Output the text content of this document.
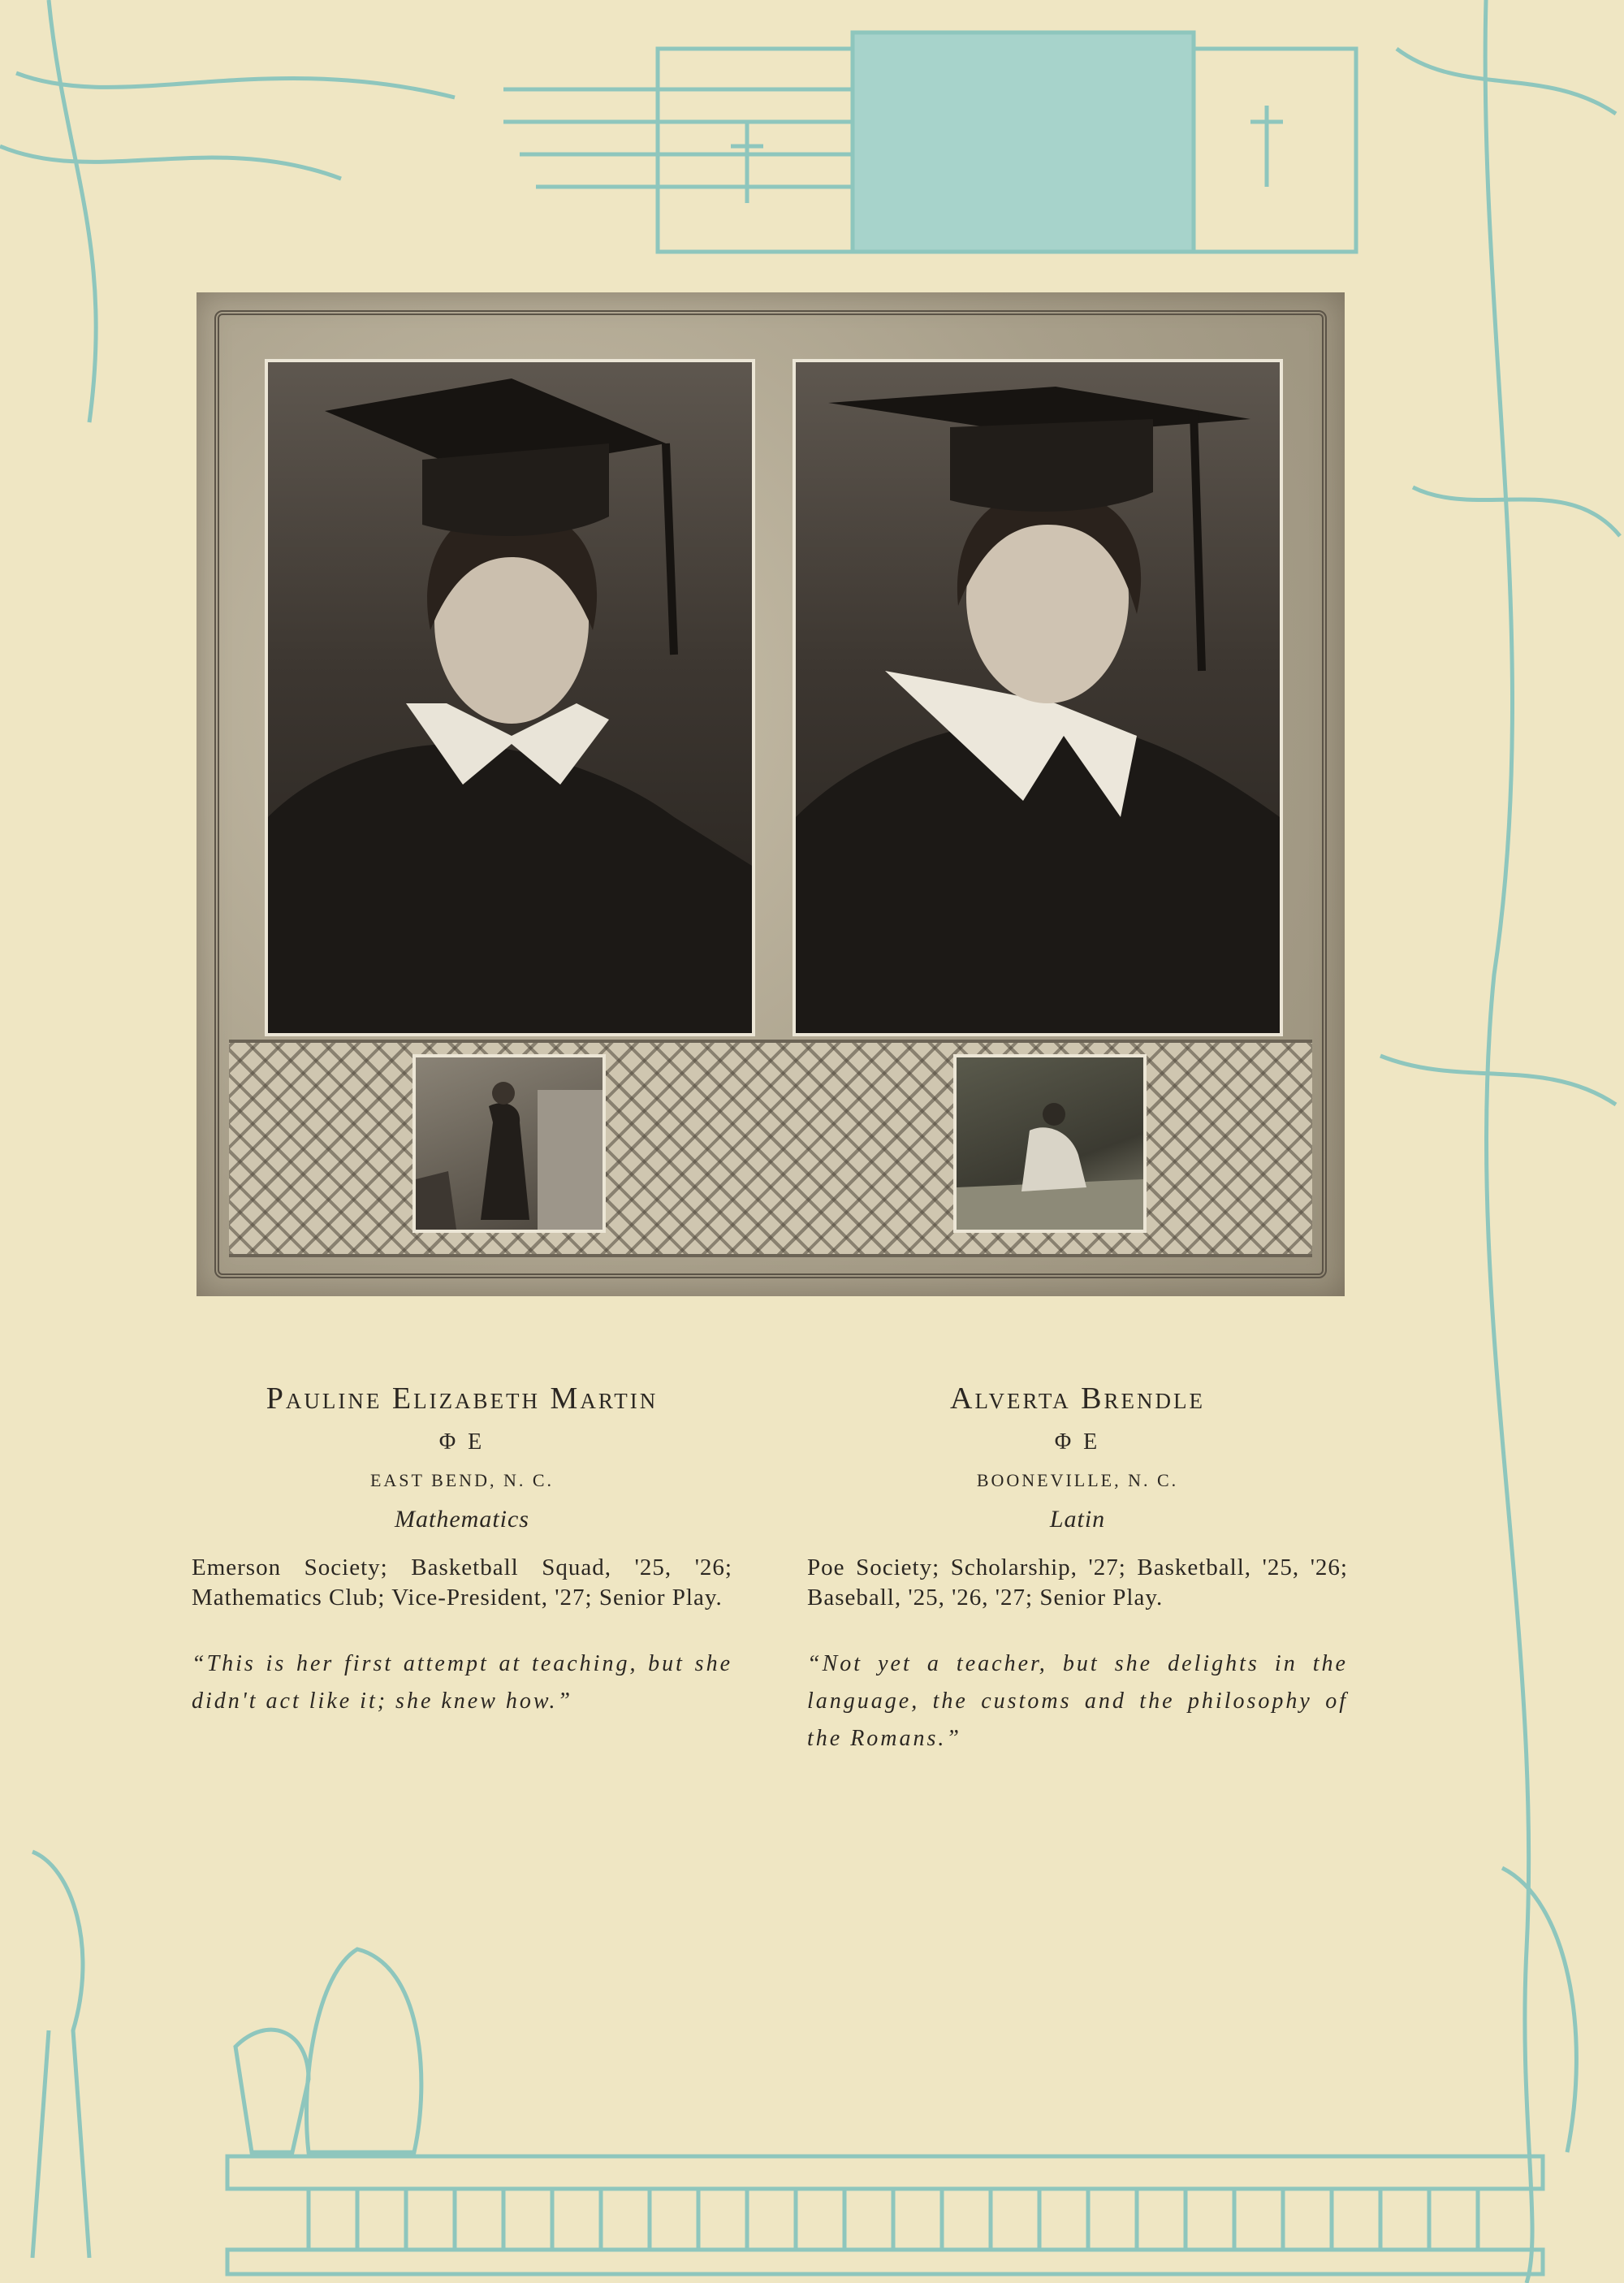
Pauline Elizabeth Martin

Φ E

EAST BEND, N. C.

Mathematics

Emerson Society; Basketball Squad, '25, '26; Mathematics Club; Vice-President, '27; Senior Play.

“This is her first attempt at teaching, but she didn't act like it; she knew how.”

Alverta Brendle

Φ E

BOONEVILLE, N. C.

Latin

Poe Society; Scholarship, '27; Basketball, '25, '26; Baseball, '25, '26, '27; Senior Play.

“Not yet a teacher, but she delights in the language, the customs and the philosophy of the Romans.”
